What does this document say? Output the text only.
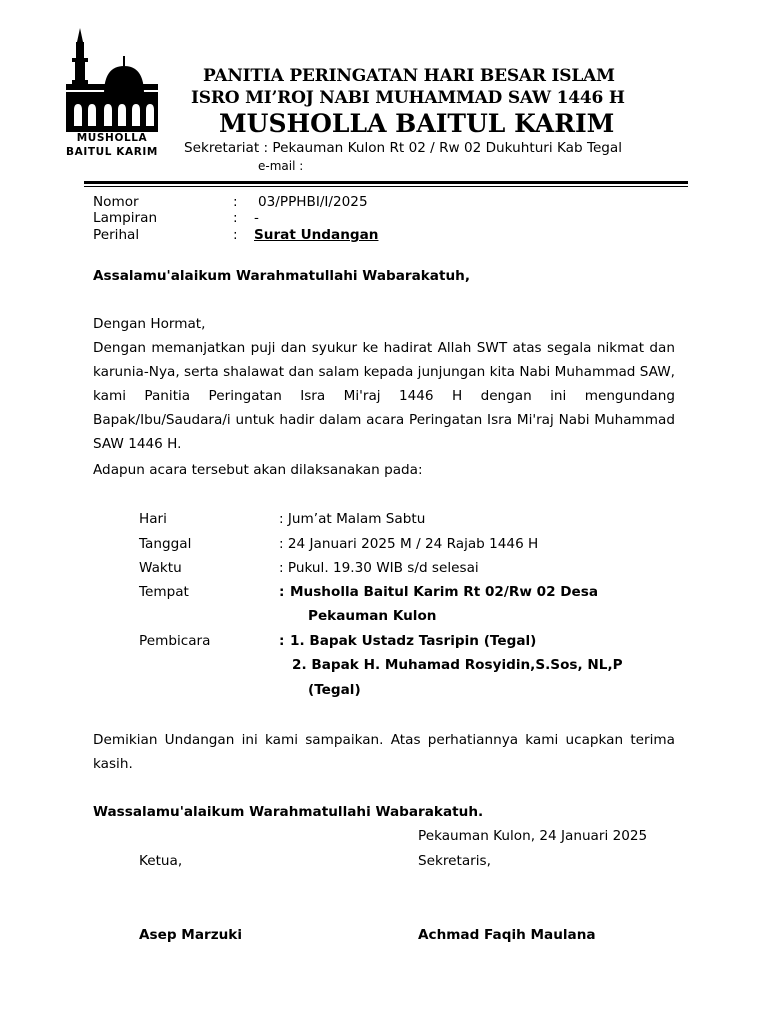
MUSHOLLA
BAITUL KARIM
PANITIA PERINGATAN HARI BESAR ISLAM
ISRO MI’ROJ NABI MUHAMMAD SAW 1446 H
MUSHOLLA BAITUL KARIM
Sekretariat : Pekauman Kulon Rt 02 / Rw 02 Dukuhturi Kab Tegal
e-mail :
Nomor	: 03/PPHBI/I/2025
Lampiran	: -
Perihal	: Surat Undangan
Assalamu'alaikum Warahmatullahi Wabarakatuh,
Dengan Hormat,
Dengan memanjatkan puji dan syukur ke hadirat Allah SWT atas segala nikmat dan karunia-Nya, serta shalawat dan salam kepada junjungan kita Nabi Muhammad SAW, kami Panitia Peringatan Isra Mi'raj 1446 H dengan ini mengundang Bapak/Ibu/Saudara/i untuk hadir dalam acara Peringatan Isra Mi'raj Nabi Muhammad SAW 1446 H.
Adapun acara tersebut akan dilaksanakan pada:
Hari	: Jum’at Malam Sabtu
Tanggal	: 24 Januari 2025 M / 24 Rajab 1446 H
Waktu	: Pukul. 19.30 WIB s/d selesai
Tempat	: Musholla Baitul Karim Rt 02/Rw 02 Desa
Pekauman Kulon
Pembicara	: 1. Bapak Ustadz Tasripin (Tegal)
2. Bapak H. Muhamad Rosyidin,S.Sos, NL,P
(Tegal)
Demikian Undangan ini kami sampaikan. Atas perhatiannya kami ucapkan terima kasih.
Wassalamu'alaikum Warahmatullahi Wabarakatuh.
Pekauman Kulon, 24 Januari 2025
Ketua,	Sekretaris,
Asep Marzuki	Achmad Faqih Maulana
